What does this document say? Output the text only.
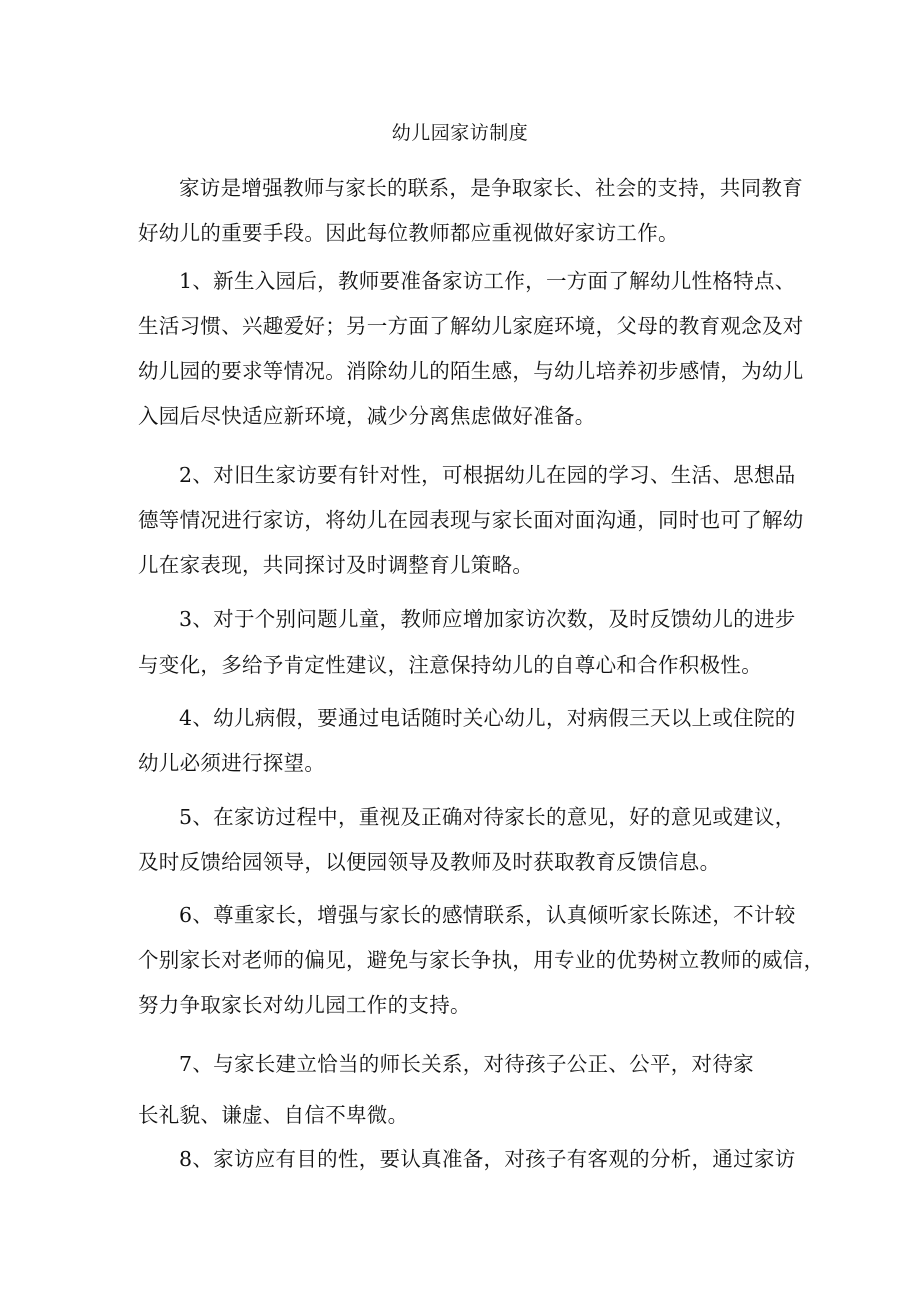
幼儿园家访制度
家访是增强教师与家长的联系，是争取家长、社会的支持，共同教育
好幼儿的重要手段。因此每位教师都应重视做好家访工作。
1、新生入园后，教师要准备家访工作，一方面了解幼儿性格特点、
生活习惯、兴趣爱好；另一方面了解幼儿家庭环境，父母的教育观念及对
幼儿园的要求等情况。消除幼儿的陌生感，与幼儿培养初步感情，为幼儿
入园后尽快适应新环境，减少分离焦虑做好准备。
2、对旧生家访要有针对性，可根据幼儿在园的学习、生活、思想品
德等情况进行家访，将幼儿在园表现与家长面对面沟通，同时也可了解幼
儿在家表现，共同探讨及时调整育儿策略。
3、对于个别问题儿童，教师应增加家访次数，及时反馈幼儿的进步
与变化，多给予肯定性建议，注意保持幼儿的自尊心和合作积极性。
4、幼儿病假，要通过电话随时关心幼儿，对病假三天以上或住院的
幼儿必须进行探望。
5、在家访过程中，重视及正确对待家长的意见，好的意见或建议，
及时反馈给园领导，以便园领导及教师及时获取教育反馈信息。
6、尊重家长，增强与家长的感情联系，认真倾听家长陈述，不计较
个别家长对老师的偏见，避免与家长争执，用专业的优势树立教师的威信，
努力争取家长对幼儿园工作的支持。
7、与家长建立恰当的师长关系，对待孩子公正、公平，对待家
长礼貌、谦虚、自信不卑微。
8、家访应有目的性，要认真准备，对孩子有客观的分析，通过家访
